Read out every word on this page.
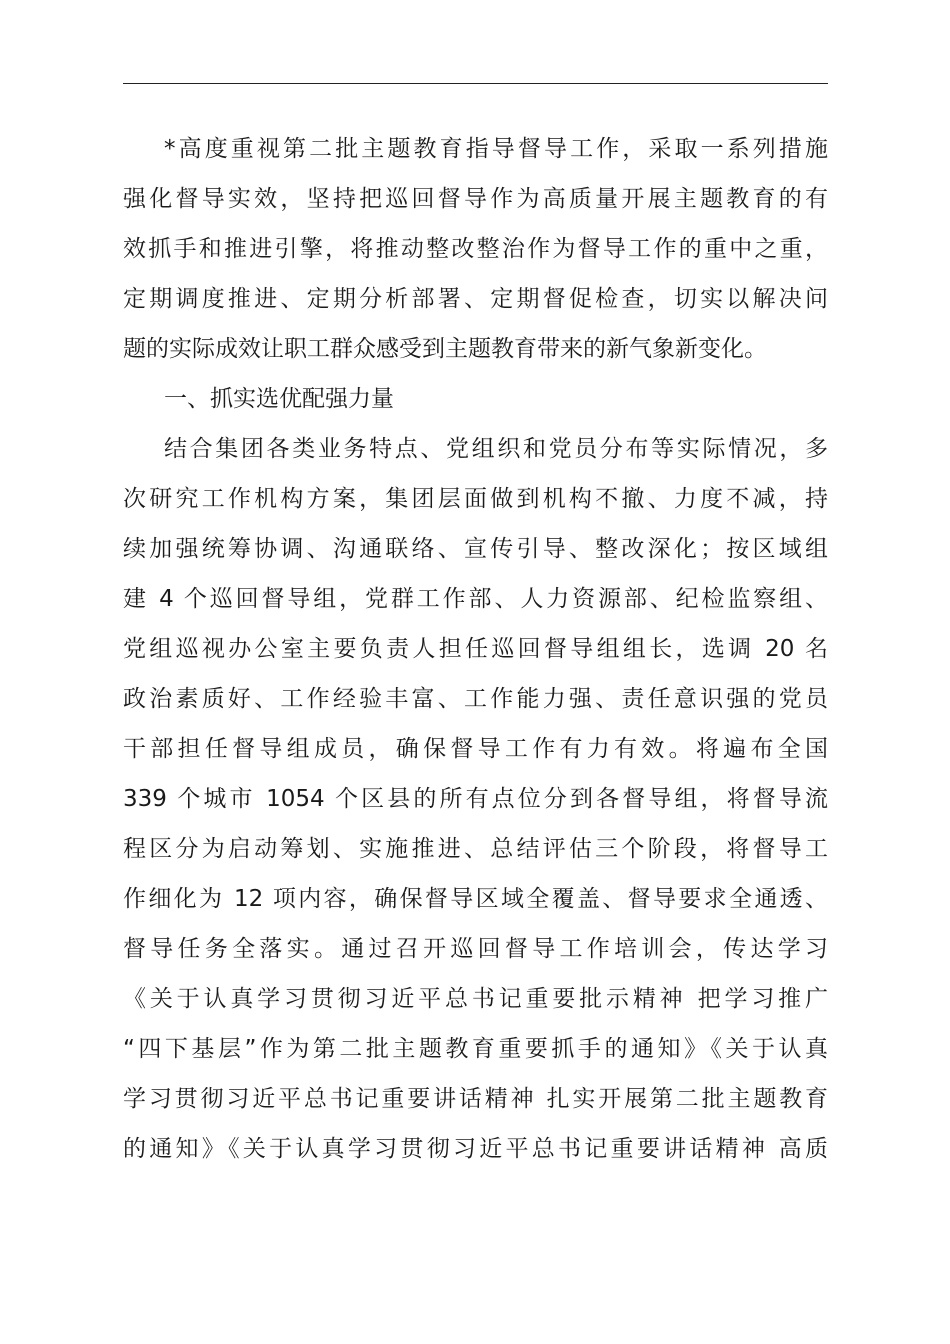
*高度重视第二批主题教育指导督导工作，采取一系列措施
强化督导实效，坚持把巡回督导作为高质量开展主题教育的有
效抓手和推进引擎，将推动整改整治作为督导工作的重中之重，
定期调度推进、定期分析部署、定期督促检查，切实以解决问
题的实际成效让职工群众感受到主题教育带来的新气象新变化。
一、抓实选优配强力量
结合集团各类业务特点、党组织和党员分布等实际情况，多
次研究工作机构方案，集团层面做到机构不撤、力度不减，持
续加强统筹协调、沟通联络、宣传引导、整改深化；按区域组
建 4 个巡回督导组，党群工作部、人力资源部、纪检监察组、
党组巡视办公室主要负责人担任巡回督导组组长，选调 20 名
政治素质好、工作经验丰富、工作能力强、责任意识强的党员
干部担任督导组成员，确保督导工作有力有效。将遍布全国
339 个城市 1054 个区县的所有点位分到各督导组，将督导流
程区分为启动筹划、实施推进、总结评估三个阶段，将督导工
作细化为 12 项内容，确保督导区域全覆盖、督导要求全通透、
督导任务全落实。通过召开巡回督导工作培训会，传达学习
《关于认真学习贯彻习近平总书记重要批示精神 把学习推广
“四下基层”作为第二批主题教育重要抓手的通知》《关于认真
学习贯彻习近平总书记重要讲话精神 扎实开展第二批主题教育
的通知》《关于认真学习贯彻习近平总书记重要讲话精神 高质
